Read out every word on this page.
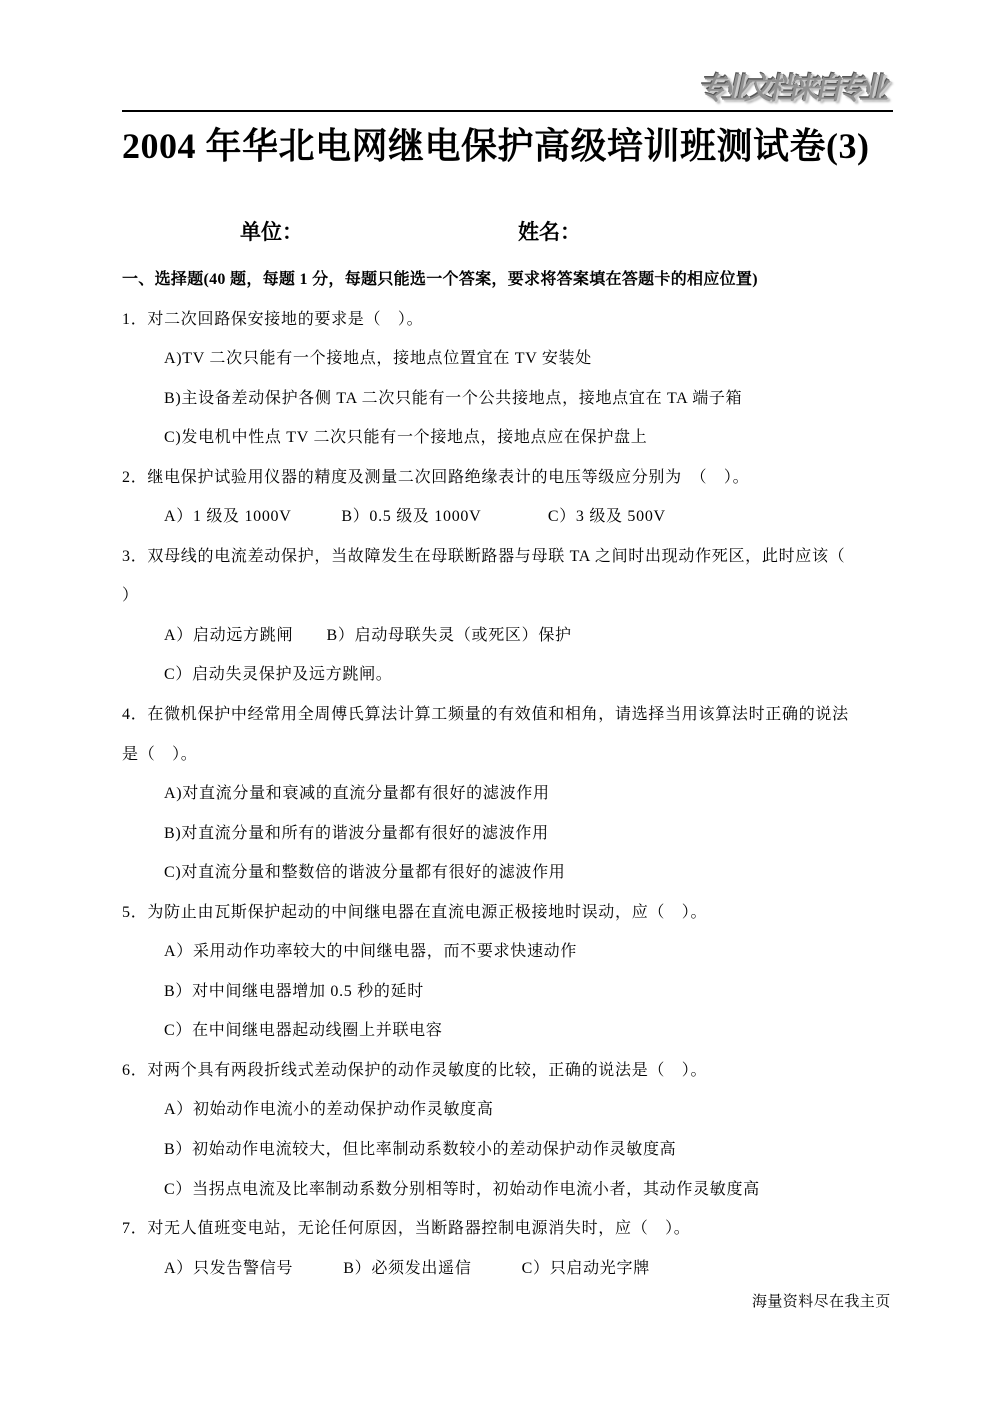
专业文档来自专业
2004 年华北电网继电保护高级培训班测试卷(3)
单位：	姓名：
一、选择题(40 题，每题 1 分，每题只能选一个答案，要求将答案填在答题卡的相应位置)
1．对二次回路保安接地的要求是（　）。
A)TV 二次只能有一个接地点，接地点位置宜在 TV 安装处
B)主设备差动保护各侧 TA 二次只能有一个公共接地点，接地点宜在 TA 端子箱
C)发电机中性点 TV 二次只能有一个接地点，接地点应在保护盘上
2．继电保护试验用仪器的精度及测量二次回路绝缘表计的电压等级应分别为　（　）。
A）1 级及 1000V　　　B）0.5 级及 1000V　　　　C）3 级及 500V
3．双母线的电流差动保护，当故障发生在母联断路器与母联 TA 之间时出现动作死区，此时应该（
）
A）启动远方跳闸　　B）启动母联失灵（或死区）保护
C）启动失灵保护及远方跳闸。
4．在微机保护中经常用全周傅氏算法计算工频量的有效值和相角，请选择当用该算法时正确的说法
是（　）。
A)对直流分量和衰减的直流分量都有很好的滤波作用
B)对直流分量和所有的谐波分量都有很好的滤波作用
C)对直流分量和整数倍的谐波分量都有很好的滤波作用
5．为防止由瓦斯保护起动的中间继电器在直流电源正极接地时误动，应（　）。
A）采用动作功率较大的中间继电器，而不要求快速动作
B）对中间继电器增加 0.5 秒的延时
C）在中间继电器起动线圈上并联电容
6．对两个具有两段折线式差动保护的动作灵敏度的比较，正确的说法是（　）。
A）初始动作电流小的差动保护动作灵敏度高
B）初始动作电流较大，但比率制动系数较小的差动保护动作灵敏度高
C）当拐点电流及比率制动系数分别相等时，初始动作电流小者，其动作灵敏度高
7．对无人值班变电站，无论任何原因，当断路器控制电源消失时，应（　）。
A）只发告警信号　　　B）必须发出遥信　　　C）只启动光字牌
海量资料尽在我主页
